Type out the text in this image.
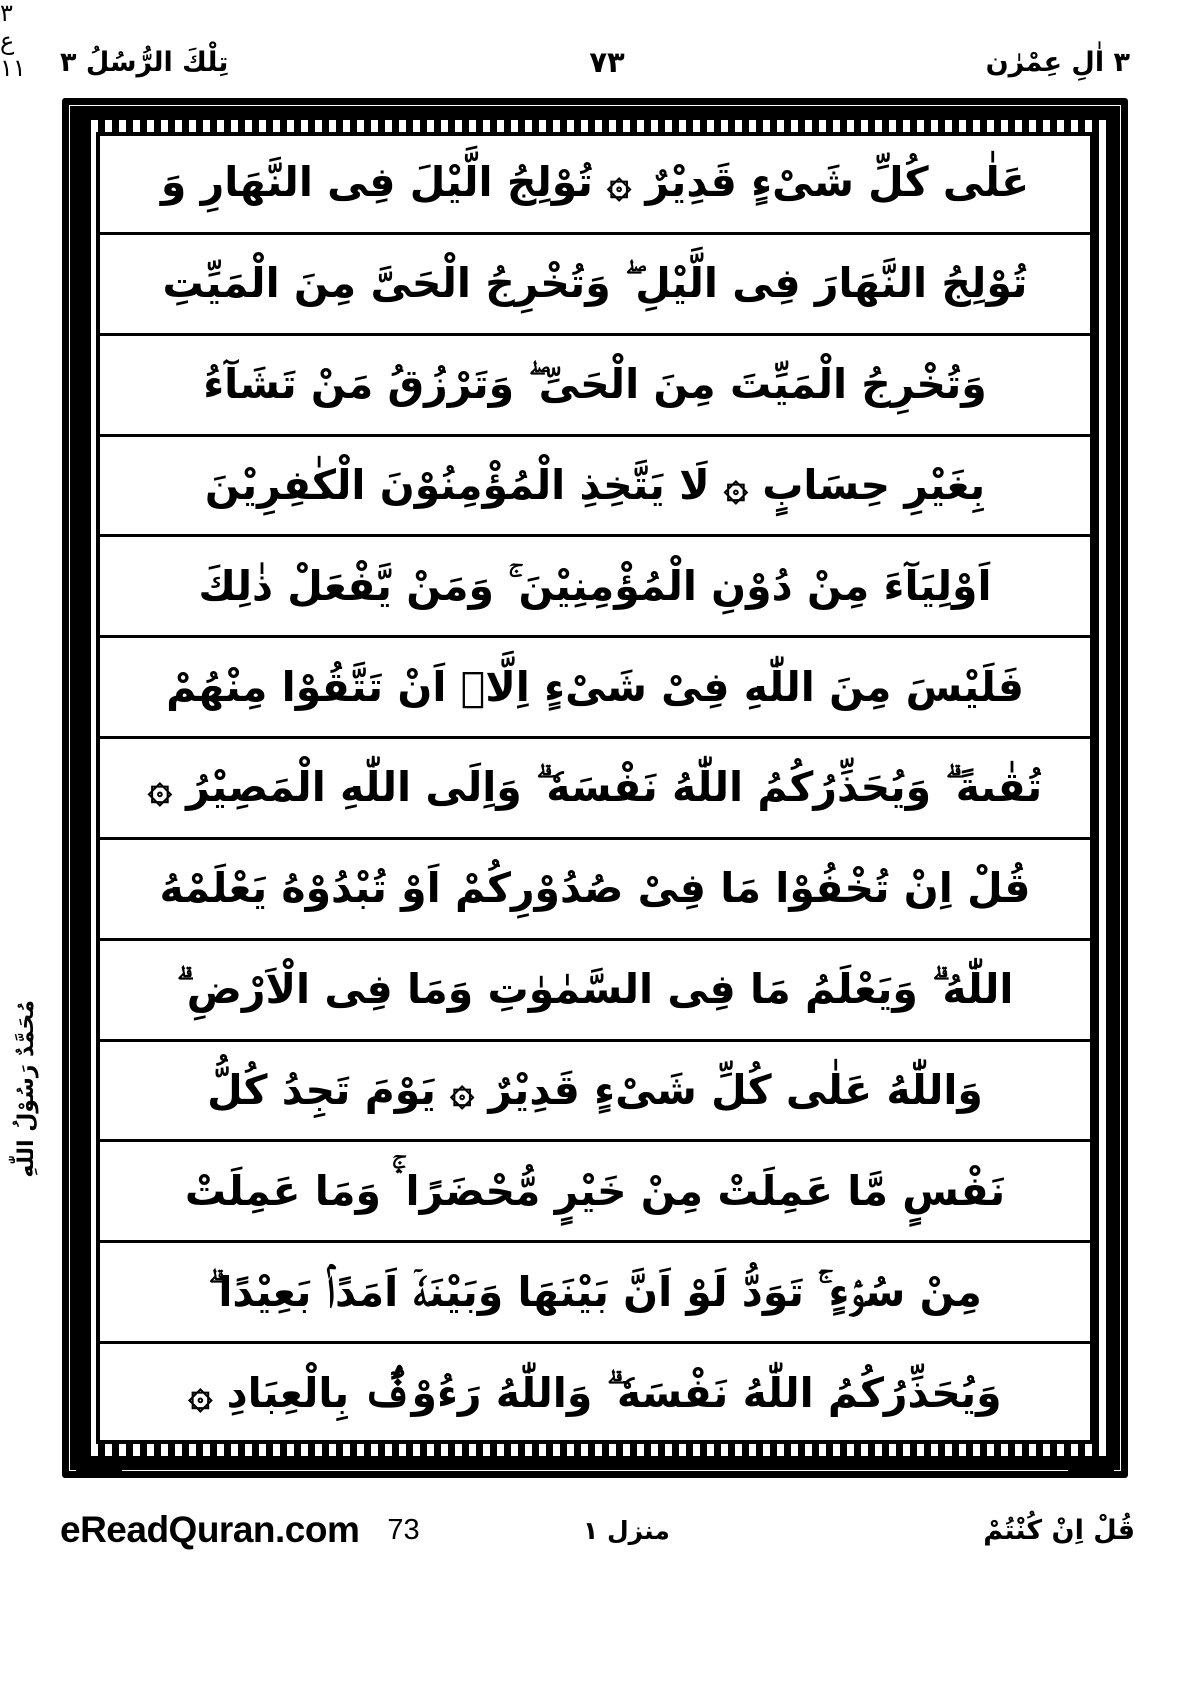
٣ اٰلِ عِمْرٰن
٧٣
تِلْكَ الرُّسُلُ ٣
عَلٰى كُلِّ شَىْءٍ قَدِيْرٌ ۞ تُوْلِجُ الَّيْلَ فِى النَّهَارِ وَ
تُوْلِجُ النَّهَارَ فِى الَّيْلِ ۖ وَتُخْرِجُ الْحَىَّ مِنَ الْمَيِّتِ
وَتُخْرِجُ الْمَيِّتَ مِنَ الْحَىِّ ۖ وَتَرْزُقُ مَنْ تَشَآءُ
بِغَيْرِ حِسَابٍ ۞ لَا يَتَّخِذِ الْمُؤْمِنُوْنَ الْكٰفِرِيْنَ
اَوْلِيَآءَ مِنْ دُوْنِ الْمُؤْمِنِيْنَ ۚ وَمَنْ يَّفْعَلْ ذٰلِكَ
فَلَيْسَ مِنَ اللّٰهِ فِىْ شَىْءٍ اِلَّاۤ اَنْ تَتَّقُوْا مِنْهُمْ
تُقٰىةً ۗ وَيُحَذِّرُكُمُ اللّٰهُ نَفْسَهٗ ۗ وَاِلَى اللّٰهِ الْمَصِيْرُ ۞
قُلْ اِنْ تُخْفُوْا مَا فِىْ صُدُوْرِكُمْ اَوْ تُبْدُوْهُ يَعْلَمْهُ
اللّٰهُ ۗ وَيَعْلَمُ مَا فِى السَّمٰوٰتِ وَمَا فِى الْاَرْضِ ۗ
وَاللّٰهُ عَلٰى كُلِّ شَىْءٍ قَدِيْرٌ ۞ يَوْمَ تَجِدُ كُلُّ
نَفْسٍ مَّا عَمِلَتْ مِنْ خَيْرٍ مُّحْضَرًا ۛۚ وَمَا عَمِلَتْ
مِنْ سُوْۤءٍ ۚۛ تَوَدُّ لَوْ اَنَّ بَيْنَهَا وَبَيْنَهٗۤ اَمَدًاۢ بَعِيْدًا ۗ
وَيُحَذِّرُكُمُ اللّٰهُ نَفْسَهٗ ۗ وَاللّٰهُ رَءُوْفٌۢ بِالْعِبَادِ ۞
مُحَمَّدٌ رَسُوْلُ اللّٰهِ
٣
ع
١١
قُلْ اِنْ كُنْتُمْ
منزل ١
eReadQuran.com 73
